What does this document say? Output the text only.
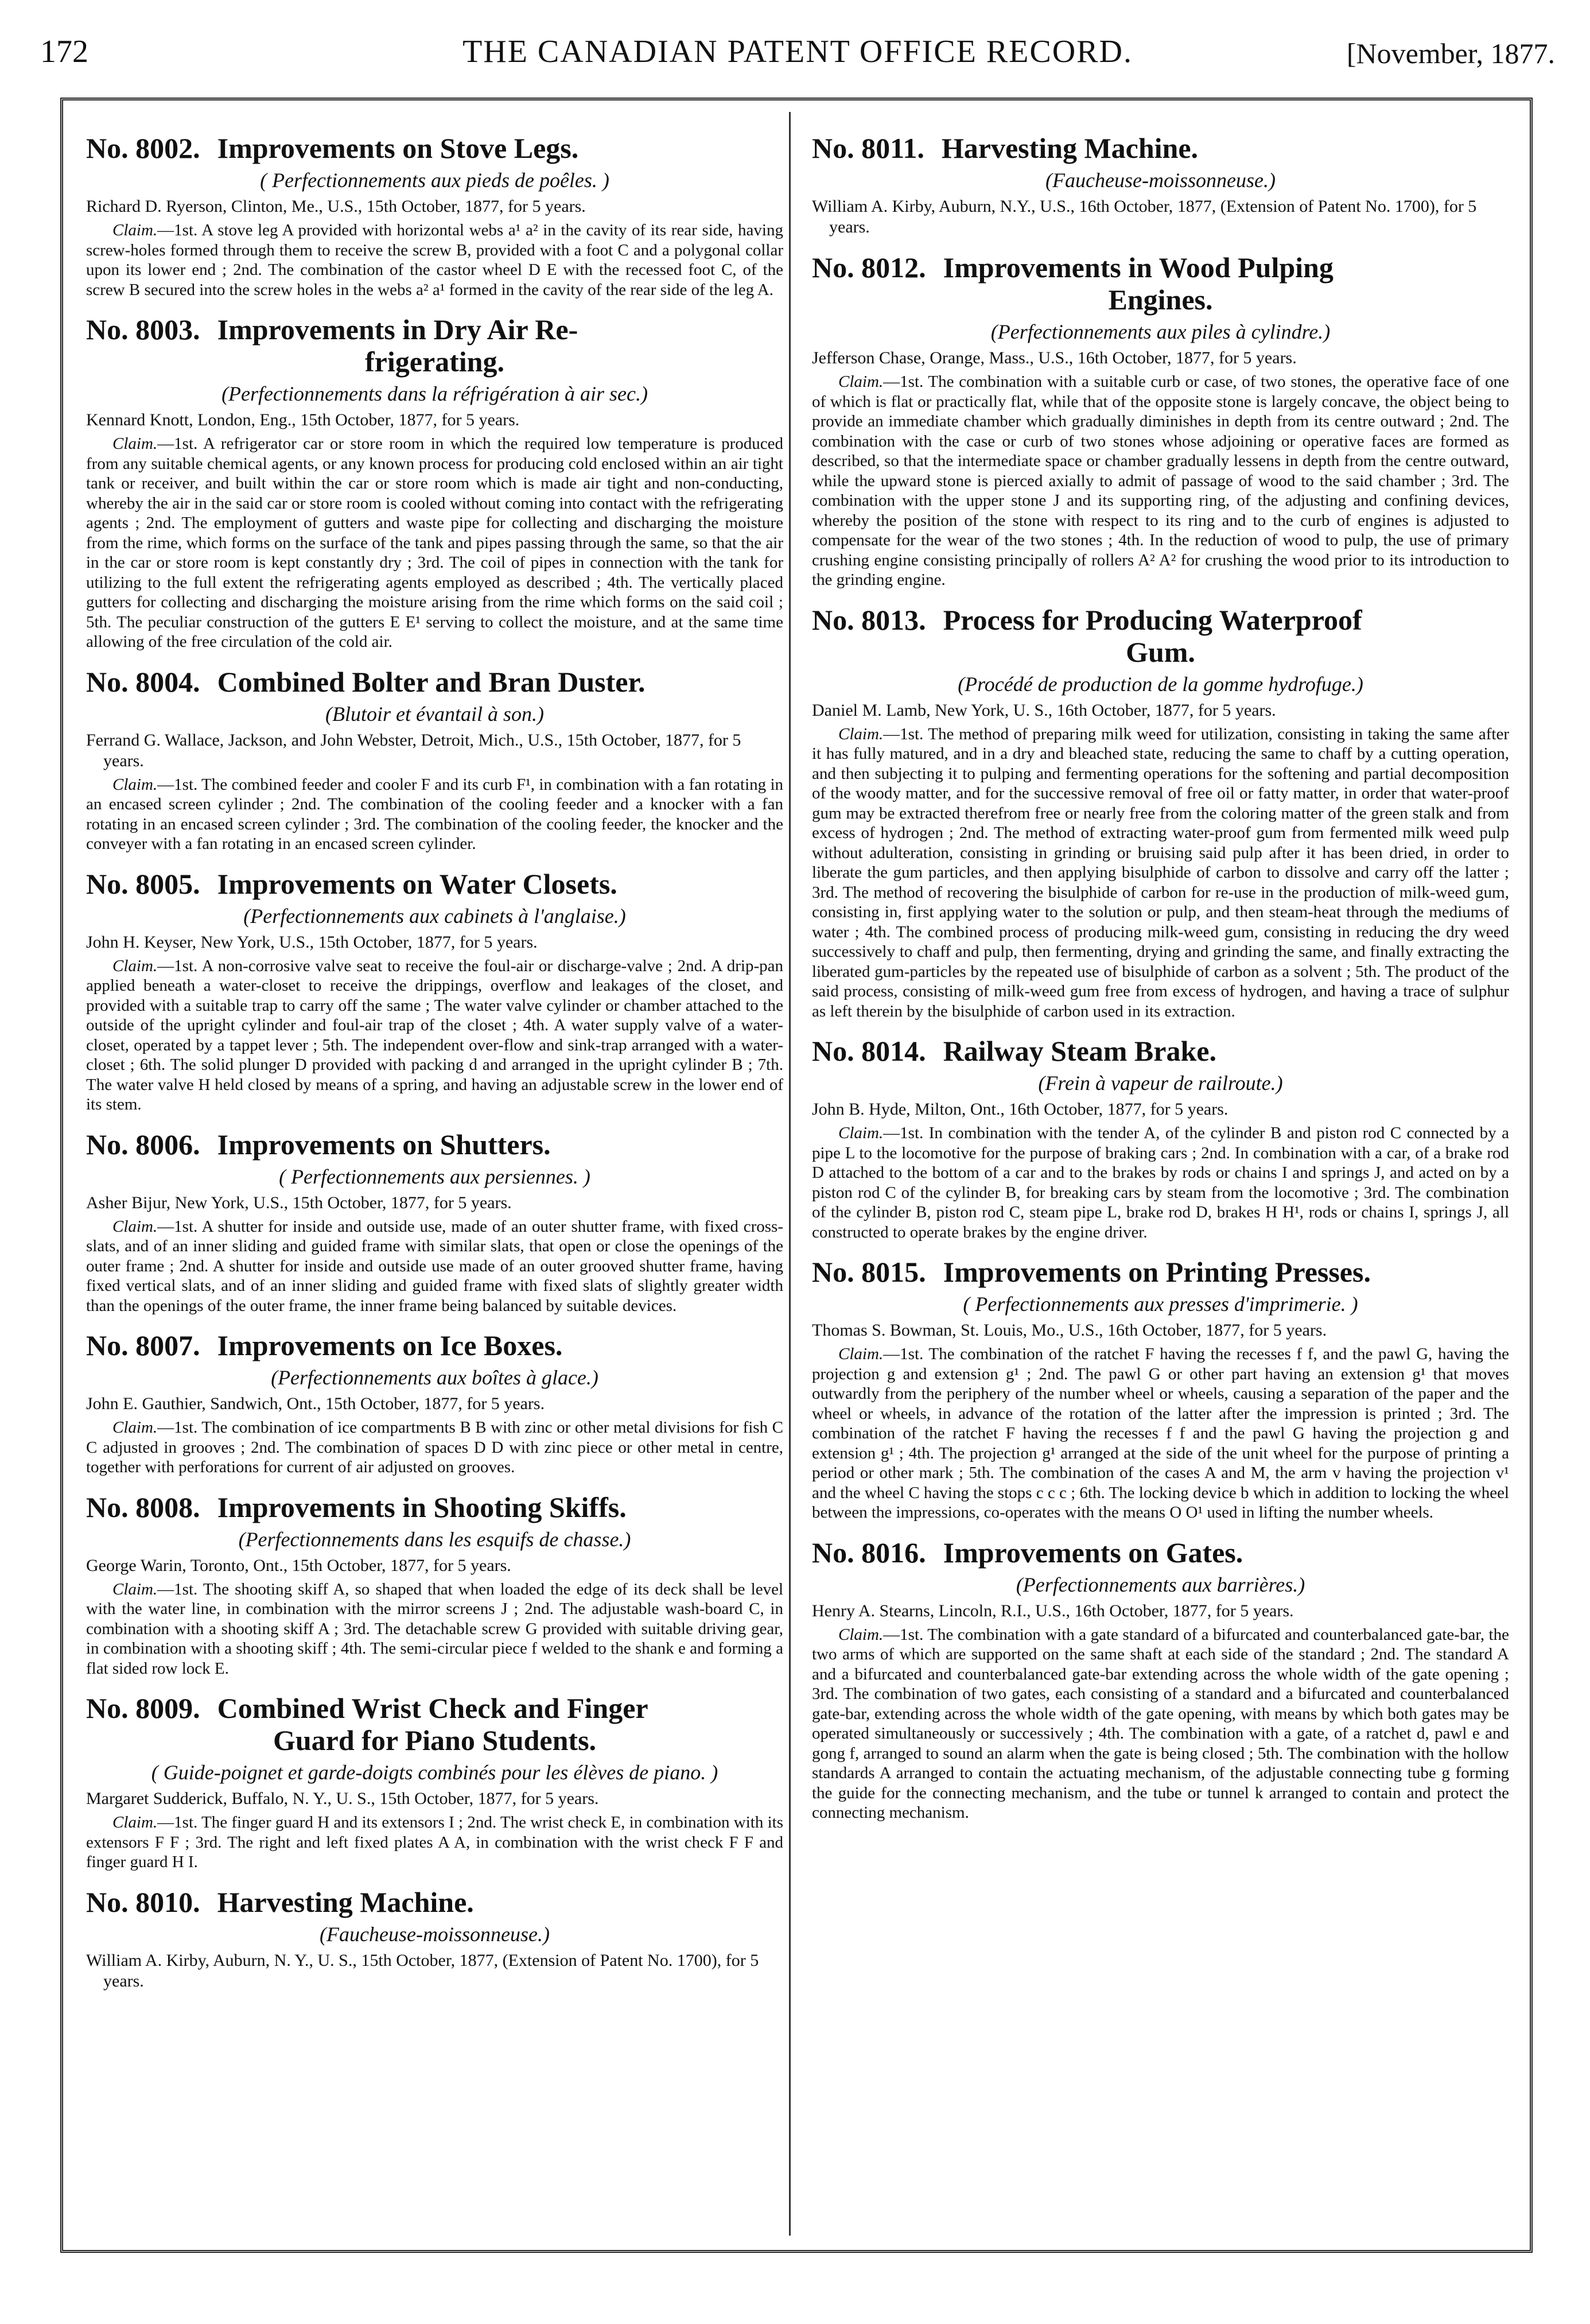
172	THE CANADIAN PATENT OFFICE RECORD.	[November, 1877.
No. 8002. Improvements on Stove Legs.
( Perfectionnements aux pieds de poêles. )
Richard D. Ryerson, Clinton, Me., U.S., 15th October, 1877, for 5 years.

Claim.—1st. A stove leg A provided with horizontal webs a¹ a² in the cavity of its rear side, having screw-holes formed through them to receive the screw B, provided with a foot C and a polygonal collar upon its lower end ; 2nd. The combination of the castor wheel D E with the recessed foot C, of the screw B secured into the screw holes in the webs a² a¹ formed in the cavity of the rear side of the leg A.

No. 8003. Improvements in Dry Air Re-
frigerating.
(Perfectionnements dans la réfrigération à air sec.)
Kennard Knott, London, Eng., 15th October, 1877, for 5 years.

Claim.—1st. A refrigerator car or store room in which the required low temperature is produced from any suitable chemical agents, or any known process for producing cold enclosed within an air tight tank or receiver, and built within the car or store room which is made air tight and non-conducting, whereby the air in the said car or store room is cooled without coming into contact with the refrigerating agents ; 2nd. The employment of gutters and waste pipe for collecting and discharging the moisture from the rime, which forms on the surface of the tank and pipes passing through the same, so that the air in the car or store room is kept constantly dry ; 3rd. The coil of pipes in connection with the tank for utilizing to the full extent the refrigerating agents employed as described ; 4th. The vertically placed gutters for collecting and discharging the moisture arising from the rime which forms on the said coil ; 5th. The peculiar construction of the gutters E E¹ serving to collect the moisture, and at the same time allowing of the free circulation of the cold air.

No. 8004. Combined Bolter and Bran Duster.
(Blutoir et évantail à son.)
Ferrand G. Wallace, Jackson, and John Webster, Detroit, Mich., U.S., 15th October, 1877, for 5 years.

Claim.—1st. The combined feeder and cooler F and its curb F¹, in combination with a fan rotating in an encased screen cylinder ; 2nd. The combination of the cooling feeder and a knocker with a fan rotating in an encased screen cylinder ; 3rd. The combination of the cooling feeder, the knocker and the conveyer with a fan rotating in an encased screen cylinder.

No. 8005. Improvements on Water Closets.
(Perfectionnements aux cabinets à l'anglaise.)
John H. Keyser, New York, U.S., 15th October, 1877, for 5 years.

Claim.—1st. A non-corrosive valve seat to receive the foul-air or discharge-valve ; 2nd. A drip-pan applied beneath a water-closet to receive the drippings, overflow and leakages of the closet, and provided with a suitable trap to carry off the same ; The water valve cylinder or chamber attached to the outside of the upright cylinder and foul-air trap of the closet ; 4th. A water supply valve of a water-closet, operated by a tappet lever ; 5th. The independent over-flow and sink-trap arranged with a water-closet ; 6th. The solid plunger D provided with packing d and arranged in the upright cylinder B ; 7th. The water valve H held closed by means of a spring, and having an adjustable screw in the lower end of its stem.

No. 8006. Improvements on Shutters.
( Perfectionnements aux persiennes. )
Asher Bijur, New York, U.S., 15th October, 1877, for 5 years.

Claim.—1st. A shutter for inside and outside use, made of an outer shutter frame, with fixed cross-slats, and of an inner sliding and guided frame with similar slats, that open or close the openings of the outer frame ; 2nd. A shutter for inside and outside use made of an outer grooved shutter frame, having fixed vertical slats, and of an inner sliding and guided frame with fixed slats of slightly greater width than the openings of the outer frame, the inner frame being balanced by suitable devices.

No. 8007. Improvements on Ice Boxes.
(Perfectionnements aux boîtes à glace.)
John E. Gauthier, Sandwich, Ont., 15th October, 1877, for 5 years.

Claim.—1st. The combination of ice compartments B B with zinc or other metal divisions for fish C C adjusted in grooves ; 2nd. The combination of spaces D D with zinc piece or other metal in centre, together with perforations for current of air adjusted on grooves.

No. 8008. Improvements in Shooting Skiffs.
(Perfectionnements dans les esquifs de chasse.)
George Warin, Toronto, Ont., 15th October, 1877, for 5 years.

Claim.—1st. The shooting skiff A, so shaped that when loaded the edge of its deck shall be level with the water line, in combination with the mirror screens J ; 2nd. The adjustable wash-board C, in combination with a shooting skiff A ; 3rd. The detachable screw G provided with suitable driving gear, in combination with a shooting skiff ; 4th. The semi-circular piece f welded to the shank e and forming a flat sided row lock E.

No. 8009. Combined Wrist Check and Finger
Guard for Piano Students.
( Guide-poignet et garde-doigts combinés pour les élèves de piano. )
Margaret Sudderick, Buffalo, N. Y., U. S., 15th October, 1877, for 5 years.

Claim.—1st. The finger guard H and its extensors I ; 2nd. The wrist check E, in combination with its extensors F F ; 3rd. The right and left fixed plates A A, in combination with the wrist check F F and finger guard H I.

No. 8010. Harvesting Machine.
(Faucheuse-moissonneuse.)
William A. Kirby, Auburn, N. Y., U. S., 15th October, 1877, (Extension of Patent No. 1700), for 5 years.
No. 8011. Harvesting Machine.
(Faucheuse-moissonneuse.)
William A. Kirby, Auburn, N.Y., U.S., 16th October, 1877, (Extension of Patent No. 1700), for 5 years.
No. 8012. Improvements in Wood Pulping
Engines.
(Perfectionnements aux piles à cylindre.)
Jefferson Chase, Orange, Mass., U.S., 16th October, 1877, for 5 years.

Claim.—1st. The combination with a suitable curb or case, of two stones, the operative face of one of which is flat or practically flat, while that of the opposite stone is largely concave, the object being to provide an immediate chamber which gradually diminishes in depth from its centre outward ; 2nd. The combination with the case or curb of two stones whose adjoining or operative faces are formed as described, so that the intermediate space or chamber gradually lessens in depth from the centre outward, while the upward stone is pierced axially to admit of passage of wood to the said chamber ; 3rd. The combination with the upper stone J and its supporting ring, of the adjusting and confining devices, whereby the position of the stone with respect to its ring and to the curb of engines is adjusted to compensate for the wear of the two stones ; 4th. In the reduction of wood to pulp, the use of primary crushing engine consisting principally of rollers A² A² for crushing the wood prior to its introduction to the grinding engine.

No. 8013. Process for Producing Waterproof
Gum.
(Procédé de production de la gomme hydrofuge.)
Daniel M. Lamb, New York, U. S., 16th October, 1877, for 5 years.

Claim.—1st. The method of preparing milk weed for utilization, consisting in taking the same after it has fully matured, and in a dry and bleached state, reducing the same to chaff by a cutting operation, and then subjecting it to pulping and fermenting operations for the softening and partial decomposition of the woody matter, and for the successive removal of free oil or fatty matter, in order that water-proof gum may be extracted therefrom free or nearly free from the coloring matter of the green stalk and from excess of hydrogen ; 2nd. The method of extracting water-proof gum from fermented milk weed pulp without adulteration, consisting in grinding or bruising said pulp after it has been dried, in order to liberate the gum particles, and then applying bisulphide of carbon to dissolve and carry off the latter ; 3rd. The method of recovering the bisulphide of carbon for re-use in the production of milk-weed gum, consisting in, first applying water to the solution or pulp, and then steam-heat through the mediums of water ; 4th. The combined process of producing milk-weed gum, consisting in reducing the dry weed successively to chaff and pulp, then fermenting, drying and grinding the same, and finally extracting the liberated gum-particles by the repeated use of bisulphide of carbon as a solvent ; 5th. The product of the said process, consisting of milk-weed gum free from excess of hydrogen, and having a trace of sulphur as left therein by the bisulphide of carbon used in its extraction.

No. 8014. Railway Steam Brake.
(Frein à vapeur de railroute.)
John B. Hyde, Milton, Ont., 16th October, 1877, for 5 years.

Claim.—1st. In combination with the tender A, of the cylinder B and piston rod C connected by a pipe L to the locomotive for the purpose of braking cars ; 2nd. In combination with a car, of a brake rod D attached to the bottom of a car and to the brakes by rods or chains I and springs J, and acted on by a piston rod C of the cylinder B, for breaking cars by steam from the locomotive ; 3rd. The combination of the cylinder B, piston rod C, steam pipe L, brake rod D, brakes H H¹, rods or chains I, springs J, all constructed to operate brakes by the engine driver.

No. 8015. Improvements on Printing Presses.
( Perfectionnements aux presses d'imprimerie. )
Thomas S. Bowman, St. Louis, Mo., U.S., 16th October, 1877, for 5 years.

Claim.—1st. The combination of the ratchet F having the recesses f f, and the pawl G, having the projection g and extension g¹ ; 2nd. The pawl G or other part having an extension g¹ that moves outwardly from the periphery of the number wheel or wheels, causing a separation of the paper and the wheel or wheels, in advance of the rotation of the latter after the impression is printed ; 3rd. The combination of the ratchet F having the recesses f f and the pawl G having the projection g and extension g¹ ; 4th. The projection g¹ arranged at the side of the unit wheel for the purpose of printing a period or other mark ; 5th. The combination of the cases A and M, the arm v having the projection v¹ and the wheel C having the stops c c c ; 6th. The locking device b which in addition to locking the wheel between the impressions, co-operates with the means O O¹ used in lifting the number wheels.

No. 8016. Improvements on Gates.
(Perfectionnements aux barrières.)
Henry A. Stearns, Lincoln, R.I., U.S., 16th October, 1877, for 5 years.

Claim.—1st. The combination with a gate standard of a bifurcated and counterbalanced gate-bar, the two arms of which are supported on the same shaft at each side of the standard ; 2nd. The standard A and a bifurcated and counterbalanced gate-bar extending across the whole width of the gate opening ; 3rd. The combination of two gates, each consisting of a standard and a bifurcated and counterbalanced gate-bar, extending across the whole width of the gate opening, with means by which both gates may be operated simultaneously or successively ; 4th. The combination with a gate, of a ratchet d, pawl e and gong f, arranged to sound an alarm when the gate is being closed ; 5th. The combination with the hollow standards A arranged to contain the actuating mechanism, of the adjustable connecting tube g forming the guide for the connecting mechanism, and the tube or tunnel k arranged to contain and protect the connecting mechanism.
